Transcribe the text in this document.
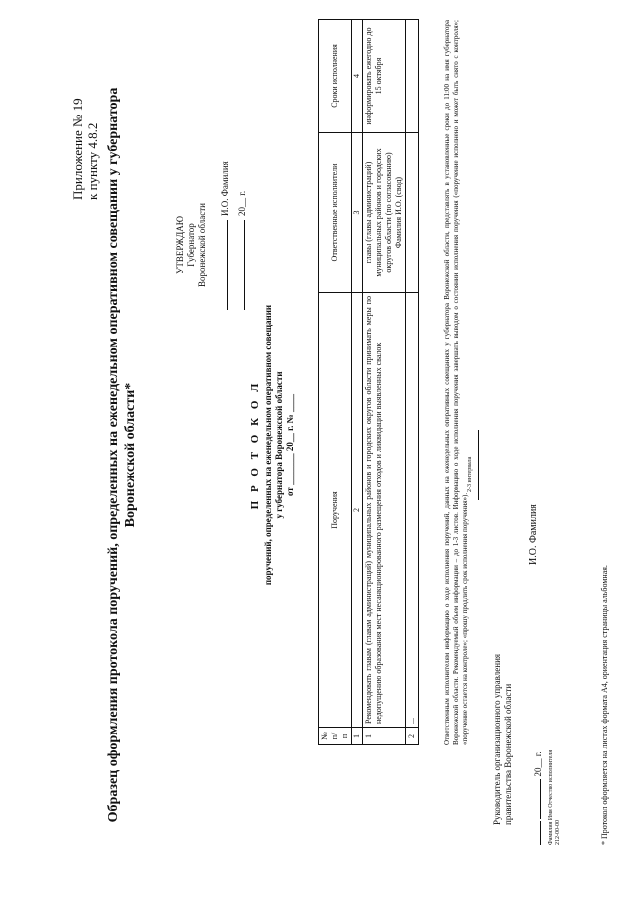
Приложение № 19 к пункту 4.8.2 Образец оформления протокола поручений, определенных на еженедельном оперативном совещании у губернатора Воронежской области*
УТВЕРЖДАЮ Губернатор Воронежской области
И.О. Фамилия 20__ г.
П Р О Т О К О Л поручений, определенных на еженедельном оперативном совещании у губернатора Воронежской области от _______ 20__ г. № ____
№ п/п	Поручения	Ответственные исполнители	Сроки исполнения
1	2	3	4
1	Рекомендовать главам (главам администраций) муниципальных районов и городских округов области принимать меры по недопущению образования мест несанкционированного размещения отходов и ликвидации выявленных свалок	главы (главы администраций) муниципальных районов и городских округов области (по согласованию) Фамилия И.О. (свод)	информировать ежегодно до 15 октября
2	...			Ответственным исполнителям информацию о ходе исполнения поручений, данных на еженедельных оперативных совещаниях у губернатора Воронежской области, представлять в установленные сроки до 11:00 на имя губернатора Воронежской области. Рекомендуемый объем информации – до 1-3 листов. Информацию о ходе исполнения поручения завершать выводом о состоянии исполнения поручения («поручение исполнено и может быть снято с контроля»; «поручение остается на контроле»; «прошу продлить срок исполнения поручения»).
2-3 интервала
Руководитель организационного управления правительства Воронежской области
И.О. Фамилия
20__ г. Фамилия Имя Отчество исполнителя 212-00-00	* Протокол оформляется на листах формата А4, ориентация страницы альбомная.
